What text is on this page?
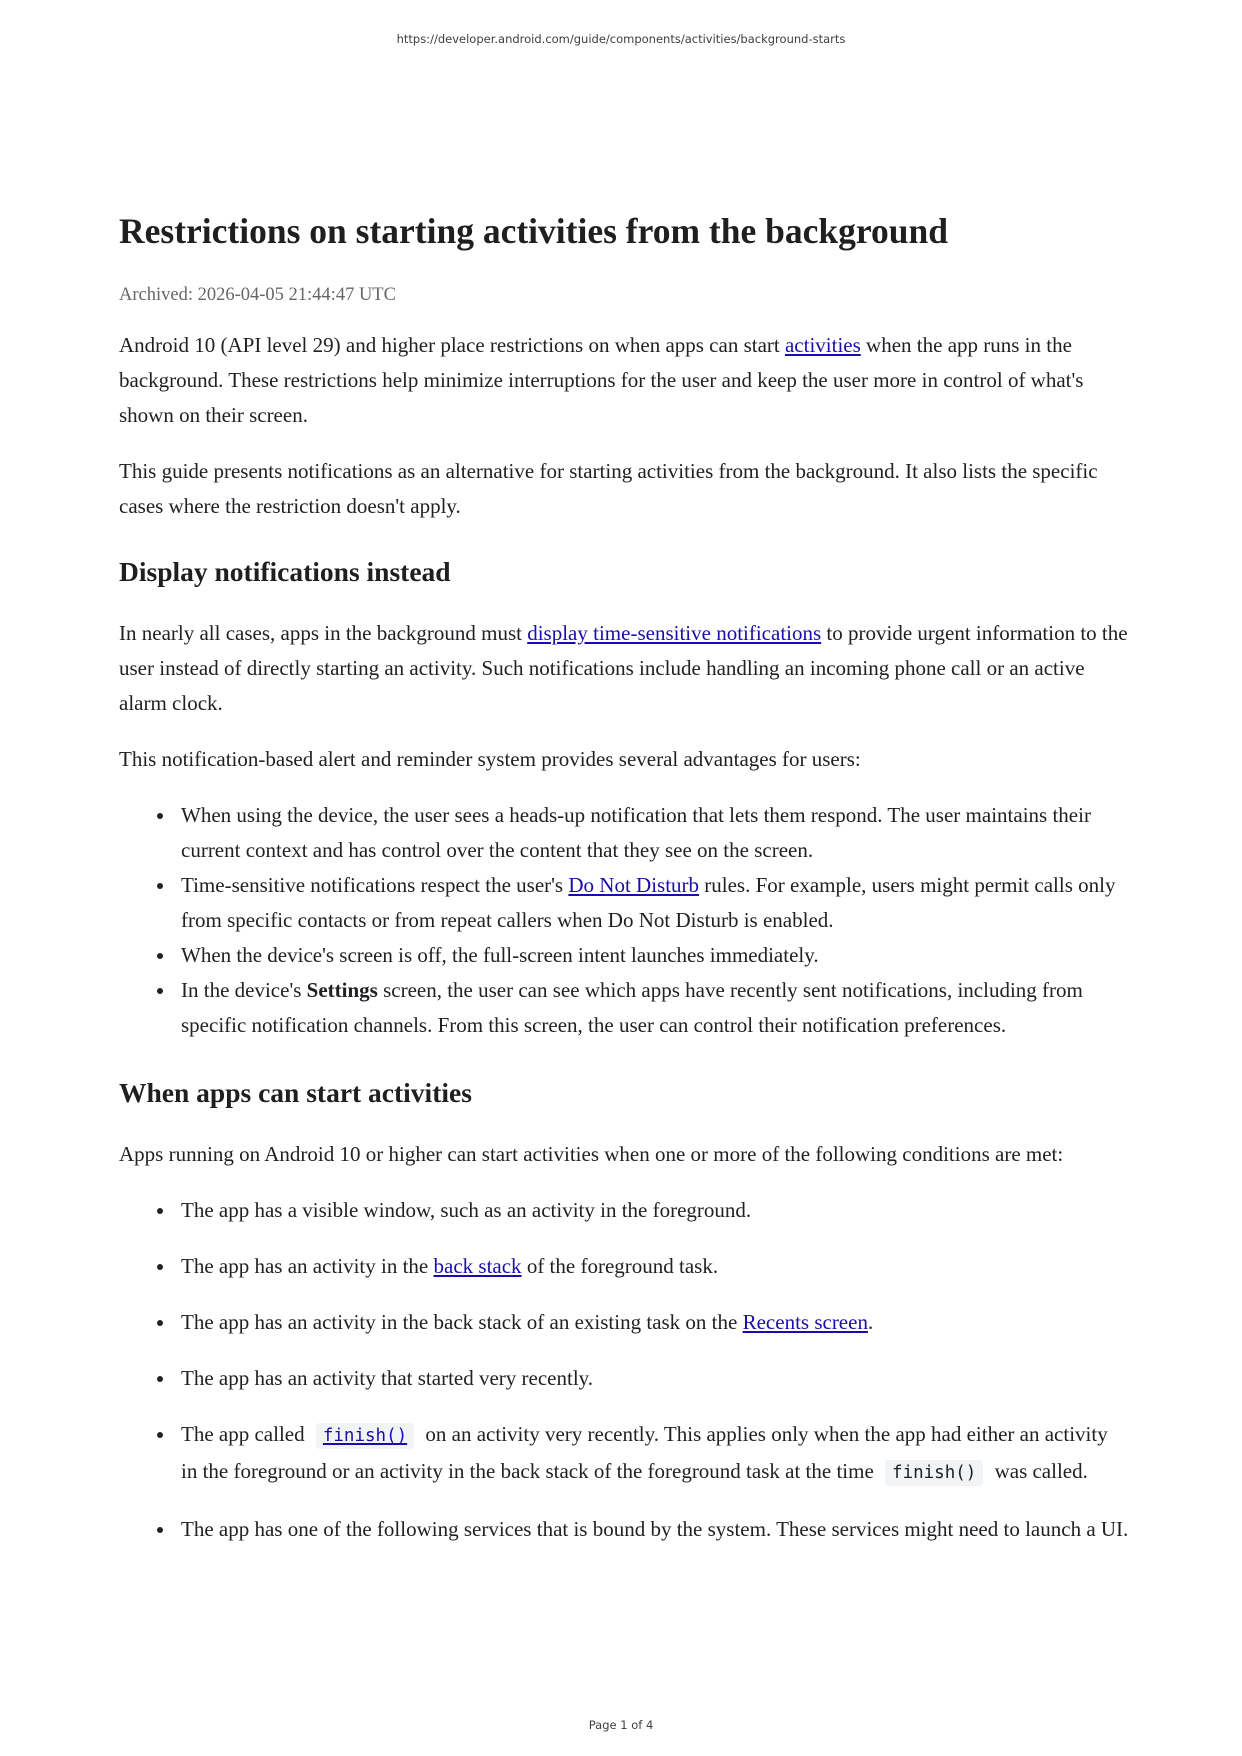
https://developer.android.com/guide/components/activities/background-starts
Restrictions on starting activities from the background
Archived: 2026-04-05 21:44:47 UTC

Android 10 (API level 29) and higher place restrictions on when apps can start activities when the app runs in the background. These restrictions help minimize interruptions for the user and keep the user more in control of what's shown on their screen.

This guide presents notifications as an alternative for starting activities from the background. It also lists the specific cases where the restriction doesn't apply.

Display notifications instead

In nearly all cases, apps in the background must display time-sensitive notifications to provide urgent information to the user instead of directly starting an activity. Such notifications include handling an incoming phone call or an active alarm clock.

This notification-based alert and reminder system provides several advantages for users:

When using the device, the user sees a heads-up notification that lets them respond. The user maintains their current context and has control over the content that they see on the screen.
Time-sensitive notifications respect the user's Do Not Disturb rules. For example, users might permit calls only from specific contacts or from repeat callers when Do Not Disturb is enabled.
When the device's screen is off, the full-screen intent launches immediately.
In the device's Settings screen, the user can see which apps have recently sent notifications, including from specific notification channels. From this screen, the user can control their notification preferences.
When apps can start activities

Apps running on Android 10 or higher can start activities when one or more of the following conditions are met:

The app has a visible window, such as an activity in the foreground.
The app has an activity in the back stack of the foreground task.
The app has an activity in the back stack of an existing task on the Recents screen.
The app has an activity that started very recently.
The app called finish() on an activity very recently. This applies only when the app had either an activity in the foreground or an activity in the back stack of the foreground task at the time finish() was called.
The app has one of the following services that is bound by the system. These services might need to launch a UI.
Page 1 of 4
